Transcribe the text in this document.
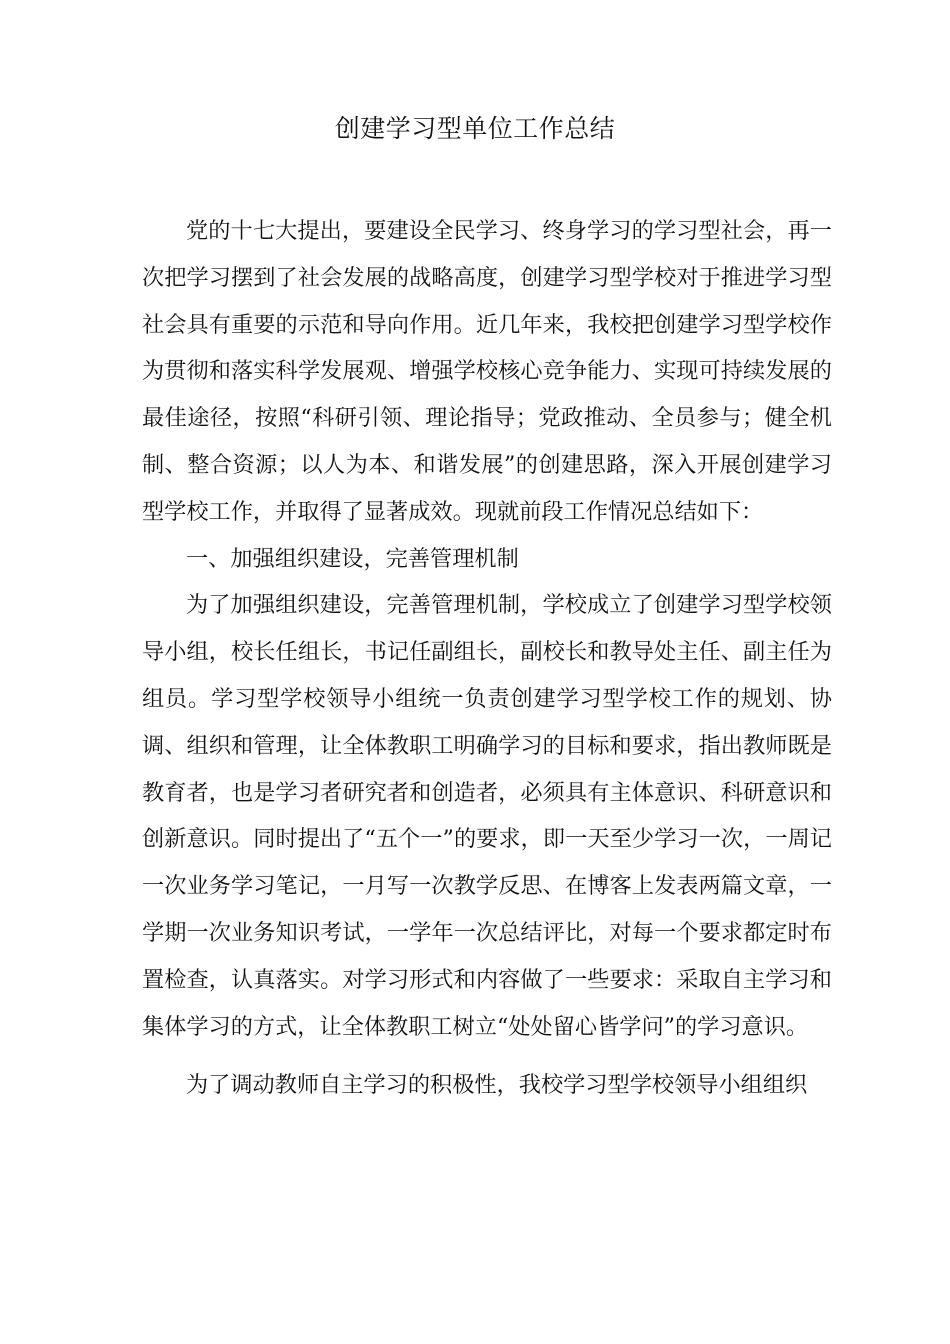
创建学习型单位工作总结

党的十七大提出，要建设全民学习、终身学习的学习型社会，再一次把学习摆到了社会发展的战略高度，创建学习型学校对于推进学习型社会具有重要的示范和导向作用。近几年来，我校把创建学习型学校作为贯彻和落实科学发展观、增强学校核心竞争能力、实现可持续发展的最佳途径，按照“科研引领、理论指导；党政推动、全员参与；健全机制、整合资源；以人为本、和谐发展”的创建思路，深入开展创建学习型学校工作，并取得了显著成效。现就前段工作情况总结如下：

一、加强组织建设，完善管理机制

为了加强组织建设，完善管理机制，学校成立了创建学习型学校领导小组，校长任组长，书记任副组长，副校长和教导处主任、副主任为组员。学习型学校领导小组统一负责创建学习型学校工作的规划、协调、组织和管理，让全体教职工明确学习的目标和要求，指出教师既是教育者，也是学习者研究者和创造者，必须具有主体意识、科研意识和创新意识。同时提出了“五个一”的要求，即一天至少学习一次，一周记一次业务学习笔记，一月写一次教学反思、在博客上发表两篇文章，一学期一次业务知识考试，一学年一次总结评比，对每一个要求都定时布置检查，认真落实。对学习形式和内容做了一些要求：采取自主学习和集体学习的方式，让全体教职工树立“处处留心皆学问”的学习意识。

为了调动教师自主学习的积极性，我校学习型学校领导小组组织
